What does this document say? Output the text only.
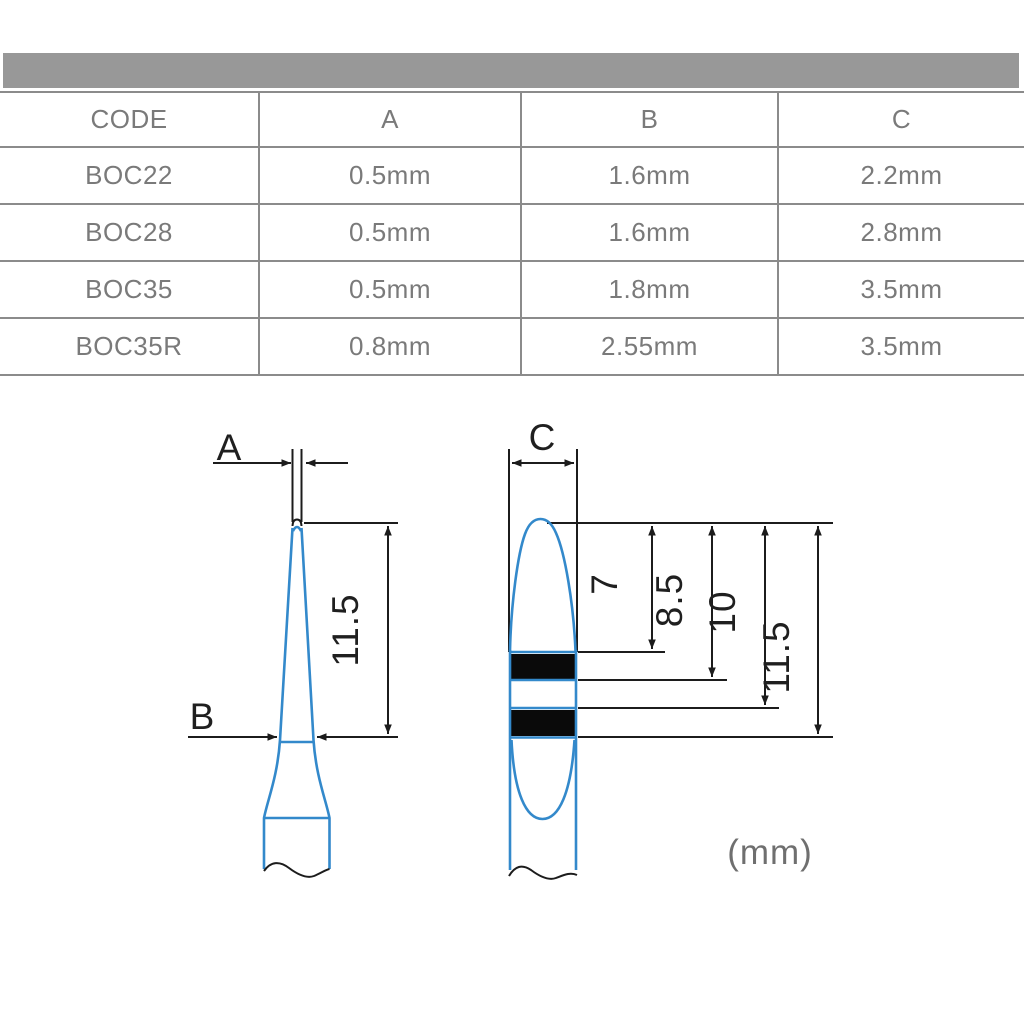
CODE	A	B	C
BOC22	0.5mm	1.6mm	2.2mm
BOC28	0.5mm	1.6mm	2.8mm
BOC35	0.5mm	1.8mm	3.5mm
BOC35R	0.8mm	2.55mm	3.5mm
A
11.5
B
C
7 8.5 10
11.5
(mm)
